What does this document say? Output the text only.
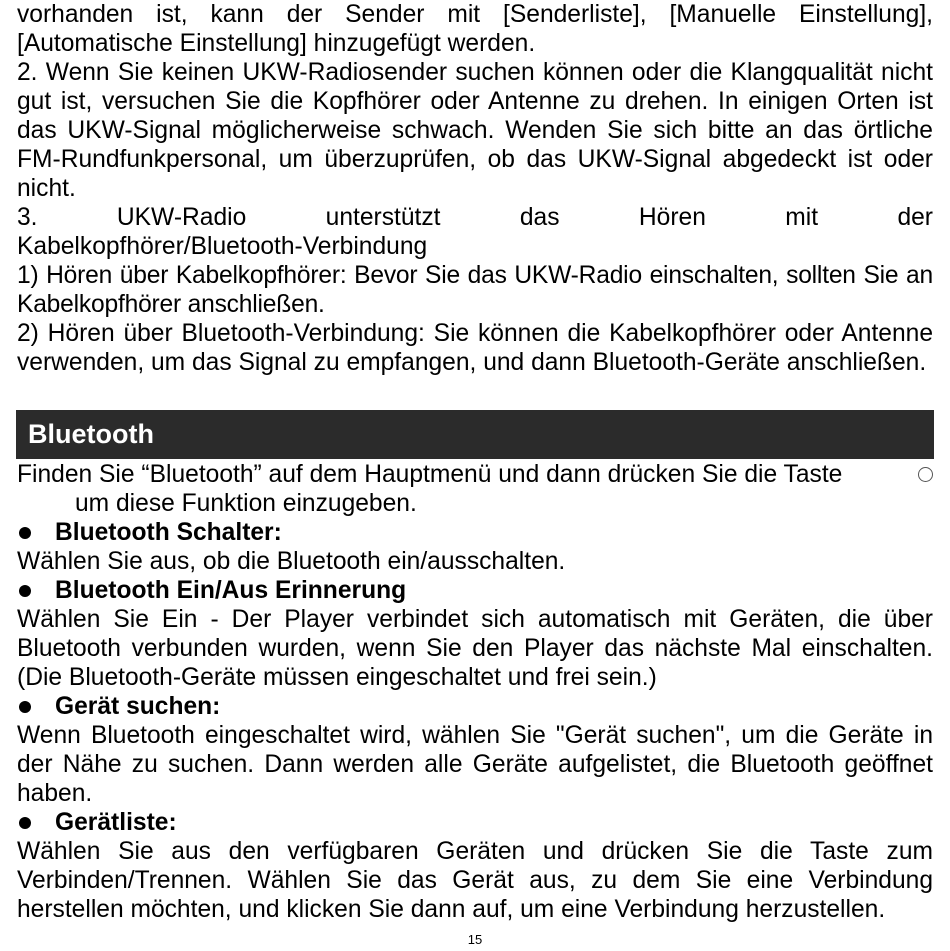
vorhanden ist, kann der Sender mit [Senderliste], [Manuelle Einstellung], [Automatische Einstellung] hinzugefügt werden.

2. Wenn Sie keinen UKW-Radiosender suchen können oder die Klangqualität nicht gut ist, versuchen Sie die Kopfhörer oder Antenne zu drehen. In einigen Orten ist das UKW-Signal möglicherweise schwach. Wenden Sie sich bitte an das örtliche FM-Rundfunkpersonal, um überzuprüfen, ob das UKW-Signal abgedeckt ist oder nicht.

3. UKW-Radio unterstützt das Hören mit der

Kabelkopfhörer/Bluetooth-Verbindung

1) Hören über Kabelkopfhörer: Bevor Sie das UKW-Radio einschalten, sollten Sie an Kabelkopfhörer anschließen.

2) Hören über Bluetooth-Verbindung: Sie können die Kabelkopfhörer oder Antenne verwenden, um das Signal zu empfangen, und dann Bluetooth-Geräte anschließen.

Bluetooth

Finden Sie “Bluetooth” auf dem Hauptmenü und dann drücken Sie die Taste

um diese Funktion einzugeben.

Bluetooth Schalter:

Wählen Sie aus, ob die Bluetooth ein/ausschalten.

Bluetooth Ein/Aus Erinnerung

Wählen Sie Ein - Der Player verbindet sich automatisch mit Geräten, die über Bluetooth verbunden wurden, wenn Sie den Player das nächste Mal einschalten. (Die Bluetooth-Geräte müssen eingeschaltet und frei sein.)

Gerät suchen:

Wenn Bluetooth eingeschaltet wird, wählen Sie "Gerät suchen", um die Geräte in der Nähe zu suchen. Dann werden alle Geräte aufgelistet, die Bluetooth geöffnet haben.

Gerätliste:

Wählen Sie aus den verfügbaren Geräten und drücken Sie die Taste zum Verbinden/Trennen. Wählen Sie das Gerät aus, zu dem Sie eine Verbindung herstellen möchten, und klicken Sie dann auf, um eine Verbindung herzustellen.

15
